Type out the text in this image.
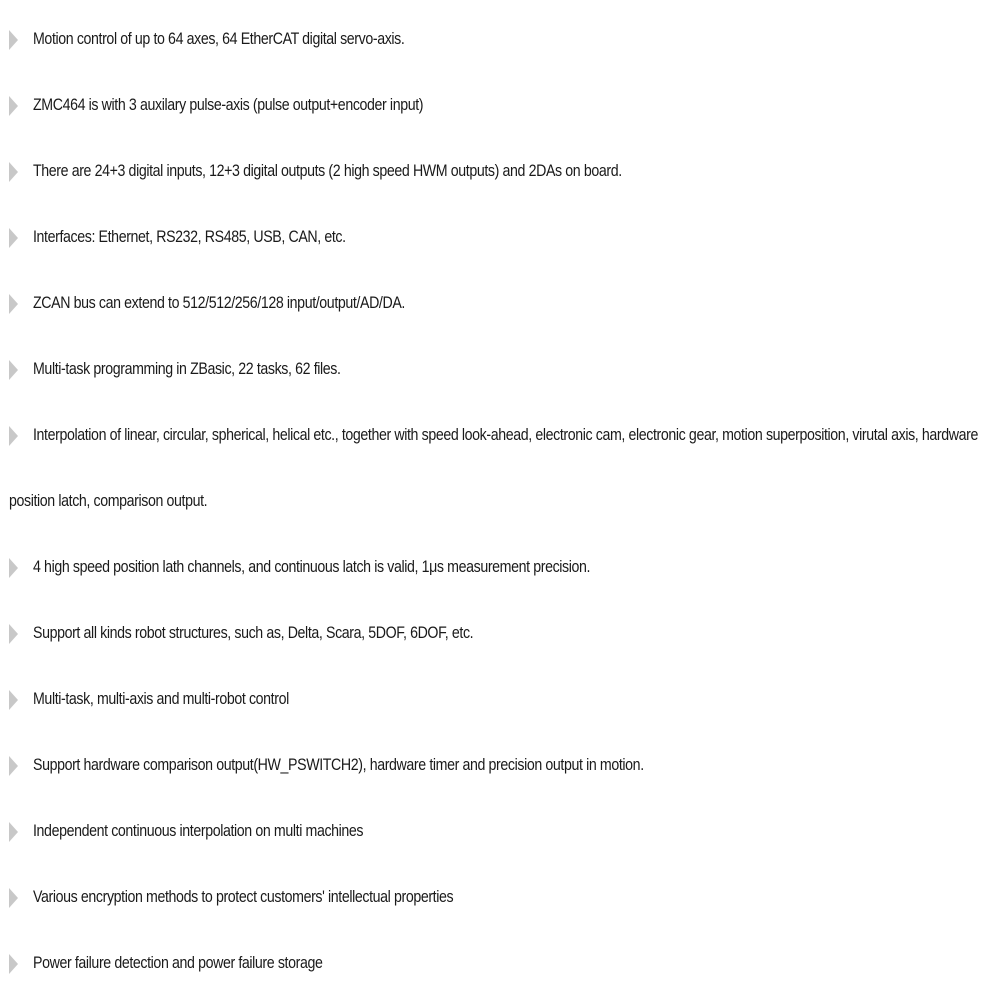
Motion control of up to 64 axes, 64 EtherCAT digital servo-axis.
ZMC464 is with 3 auxilary pulse-axis (pulse output+encoder input)
There are 24+3 digital inputs, 12+3 digital outputs (2 high speed HWM outputs) and 2DAs on board.
Interfaces: Ethernet, RS232, RS485, USB, CAN, etc.
ZCAN bus can extend to 512/512/256/128 input/output/AD/DA.
Multi-task programming in ZBasic, 22 tasks, 62 files.
Interpolation of linear, circular, spherical, helical etc., together with speed look-ahead, electronic cam, electronic gear, motion superposition, virutal axis, hardware
position latch, comparison output.
4 high speed position lath channels, and continuous latch is valid, 1μs measurement precision.
Support all kinds robot structures, such as, Delta, Scara, 5DOF, 6DOF, etc.
Multi-task, multi-axis and multi-robot control
Support hardware comparison output(HW_PSWITCH2), hardware timer and precision output in motion.
Independent continuous interpolation on multi machines
Various encryption methods to protect customers' intellectual properties
Power failure detection and power failure storage
